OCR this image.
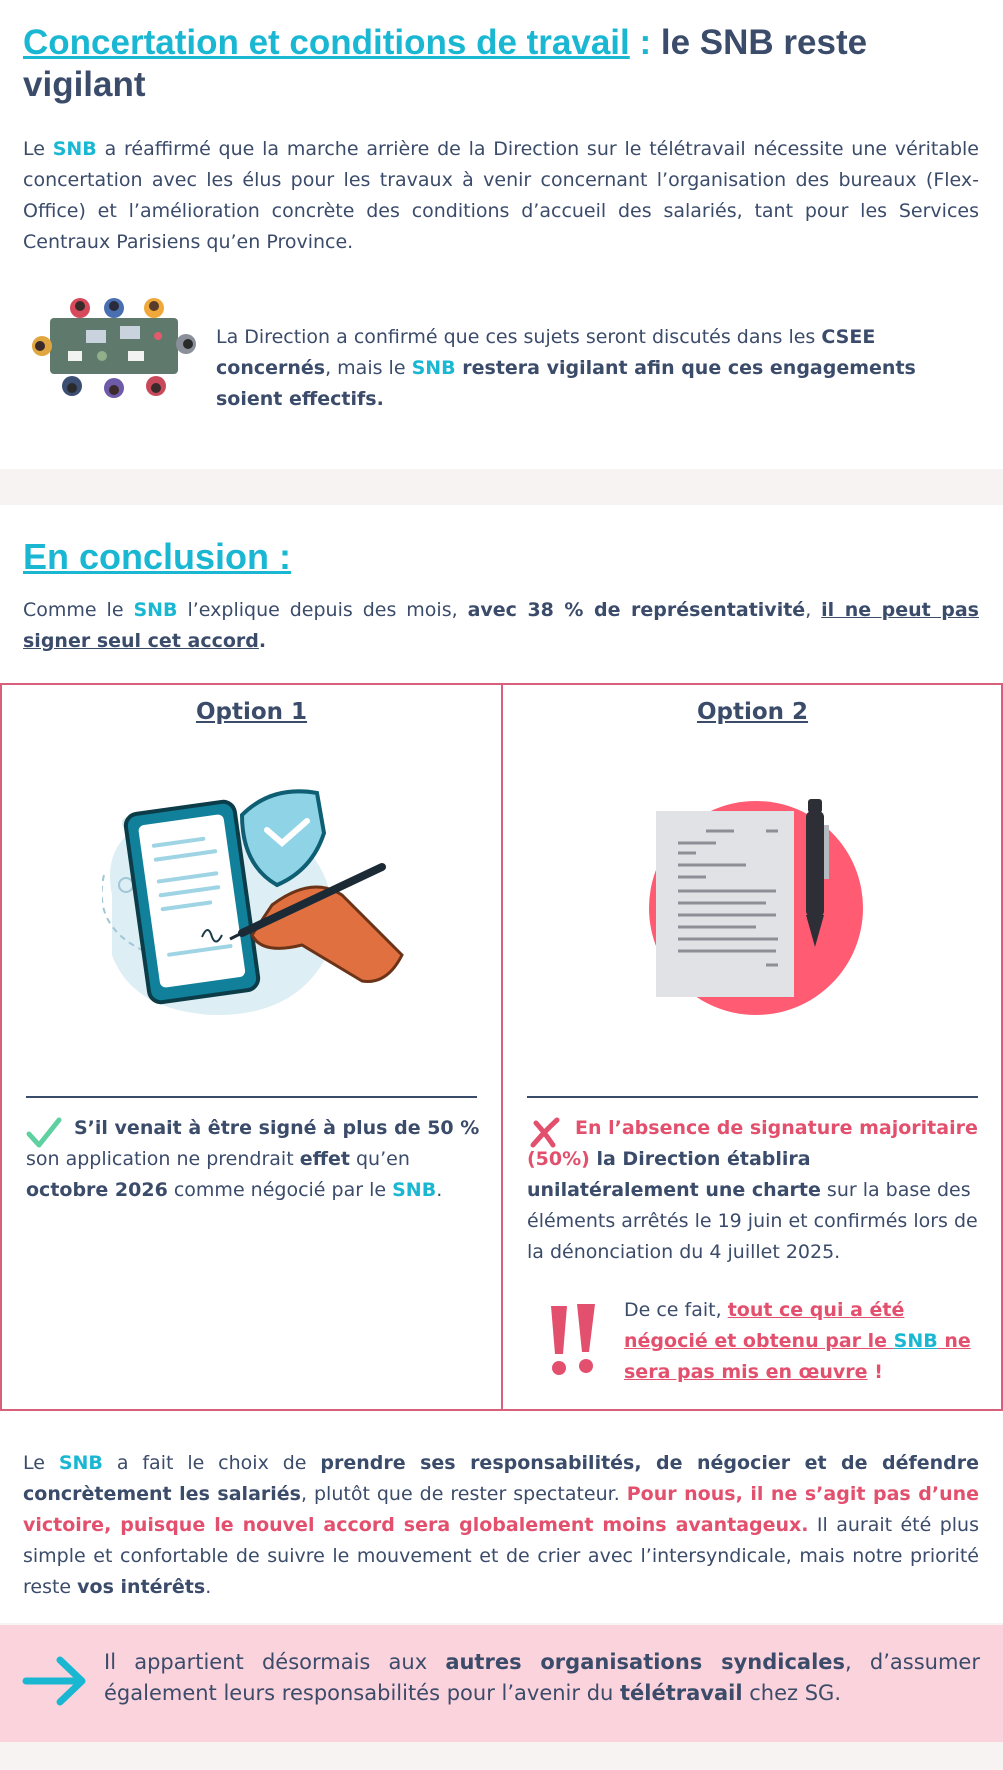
Concertation et conditions de travail : le SNB reste vigilant

Le SNB a réaffirmé que la marche arrière de la Direction sur le télétravail nécessite une véritable concertation avec les élus pour les travaux à venir concernant l’organisation des bureaux (Flex-Office) et l’amélioration concrète des conditions d’accueil des salariés, tant pour les Services Centraux Parisiens qu’en Province.

La Direction a confirmé que ces sujets seront discutés dans les CSEE concernés, mais le SNB restera vigilant afin que ces engagements soient effectifs.

En conclusion :

Comme le SNB l’explique depuis des mois, avec 38 % de représentativité, il ne peut pas signer seul cet accord.

Option 1

S’il venait à être signé à plus de 50 % son application ne prendrait effet qu’en octobre 2026 comme négocié par le SNB.

Option 2

En l’absence de signature majoritaire (50%) la Direction établira unilatéralement une charte sur la base des éléments arrêtés le 19 juin et confirmés lors de la dénonciation du 4 juillet 2025.

De ce fait, tout ce qui a été négocié et obtenu par le SNB ne sera pas mis en œuvre !

Le SNB a fait le choix de prendre ses responsabilités, de négocier et de défendre concrètement les salariés, plutôt que de rester spectateur. Pour nous, il ne s’agit pas d’une victoire, puisque le nouvel accord sera globalement moins avantageux. Il aurait été plus simple et confortable de suivre le mouvement et de crier avec l’intersyndicale, mais notre priorité reste vos intérêts.

Il appartient désormais aux autres organisations syndicales, d’assumer également leurs responsabilités pour l’avenir du télétravail chez SG.
